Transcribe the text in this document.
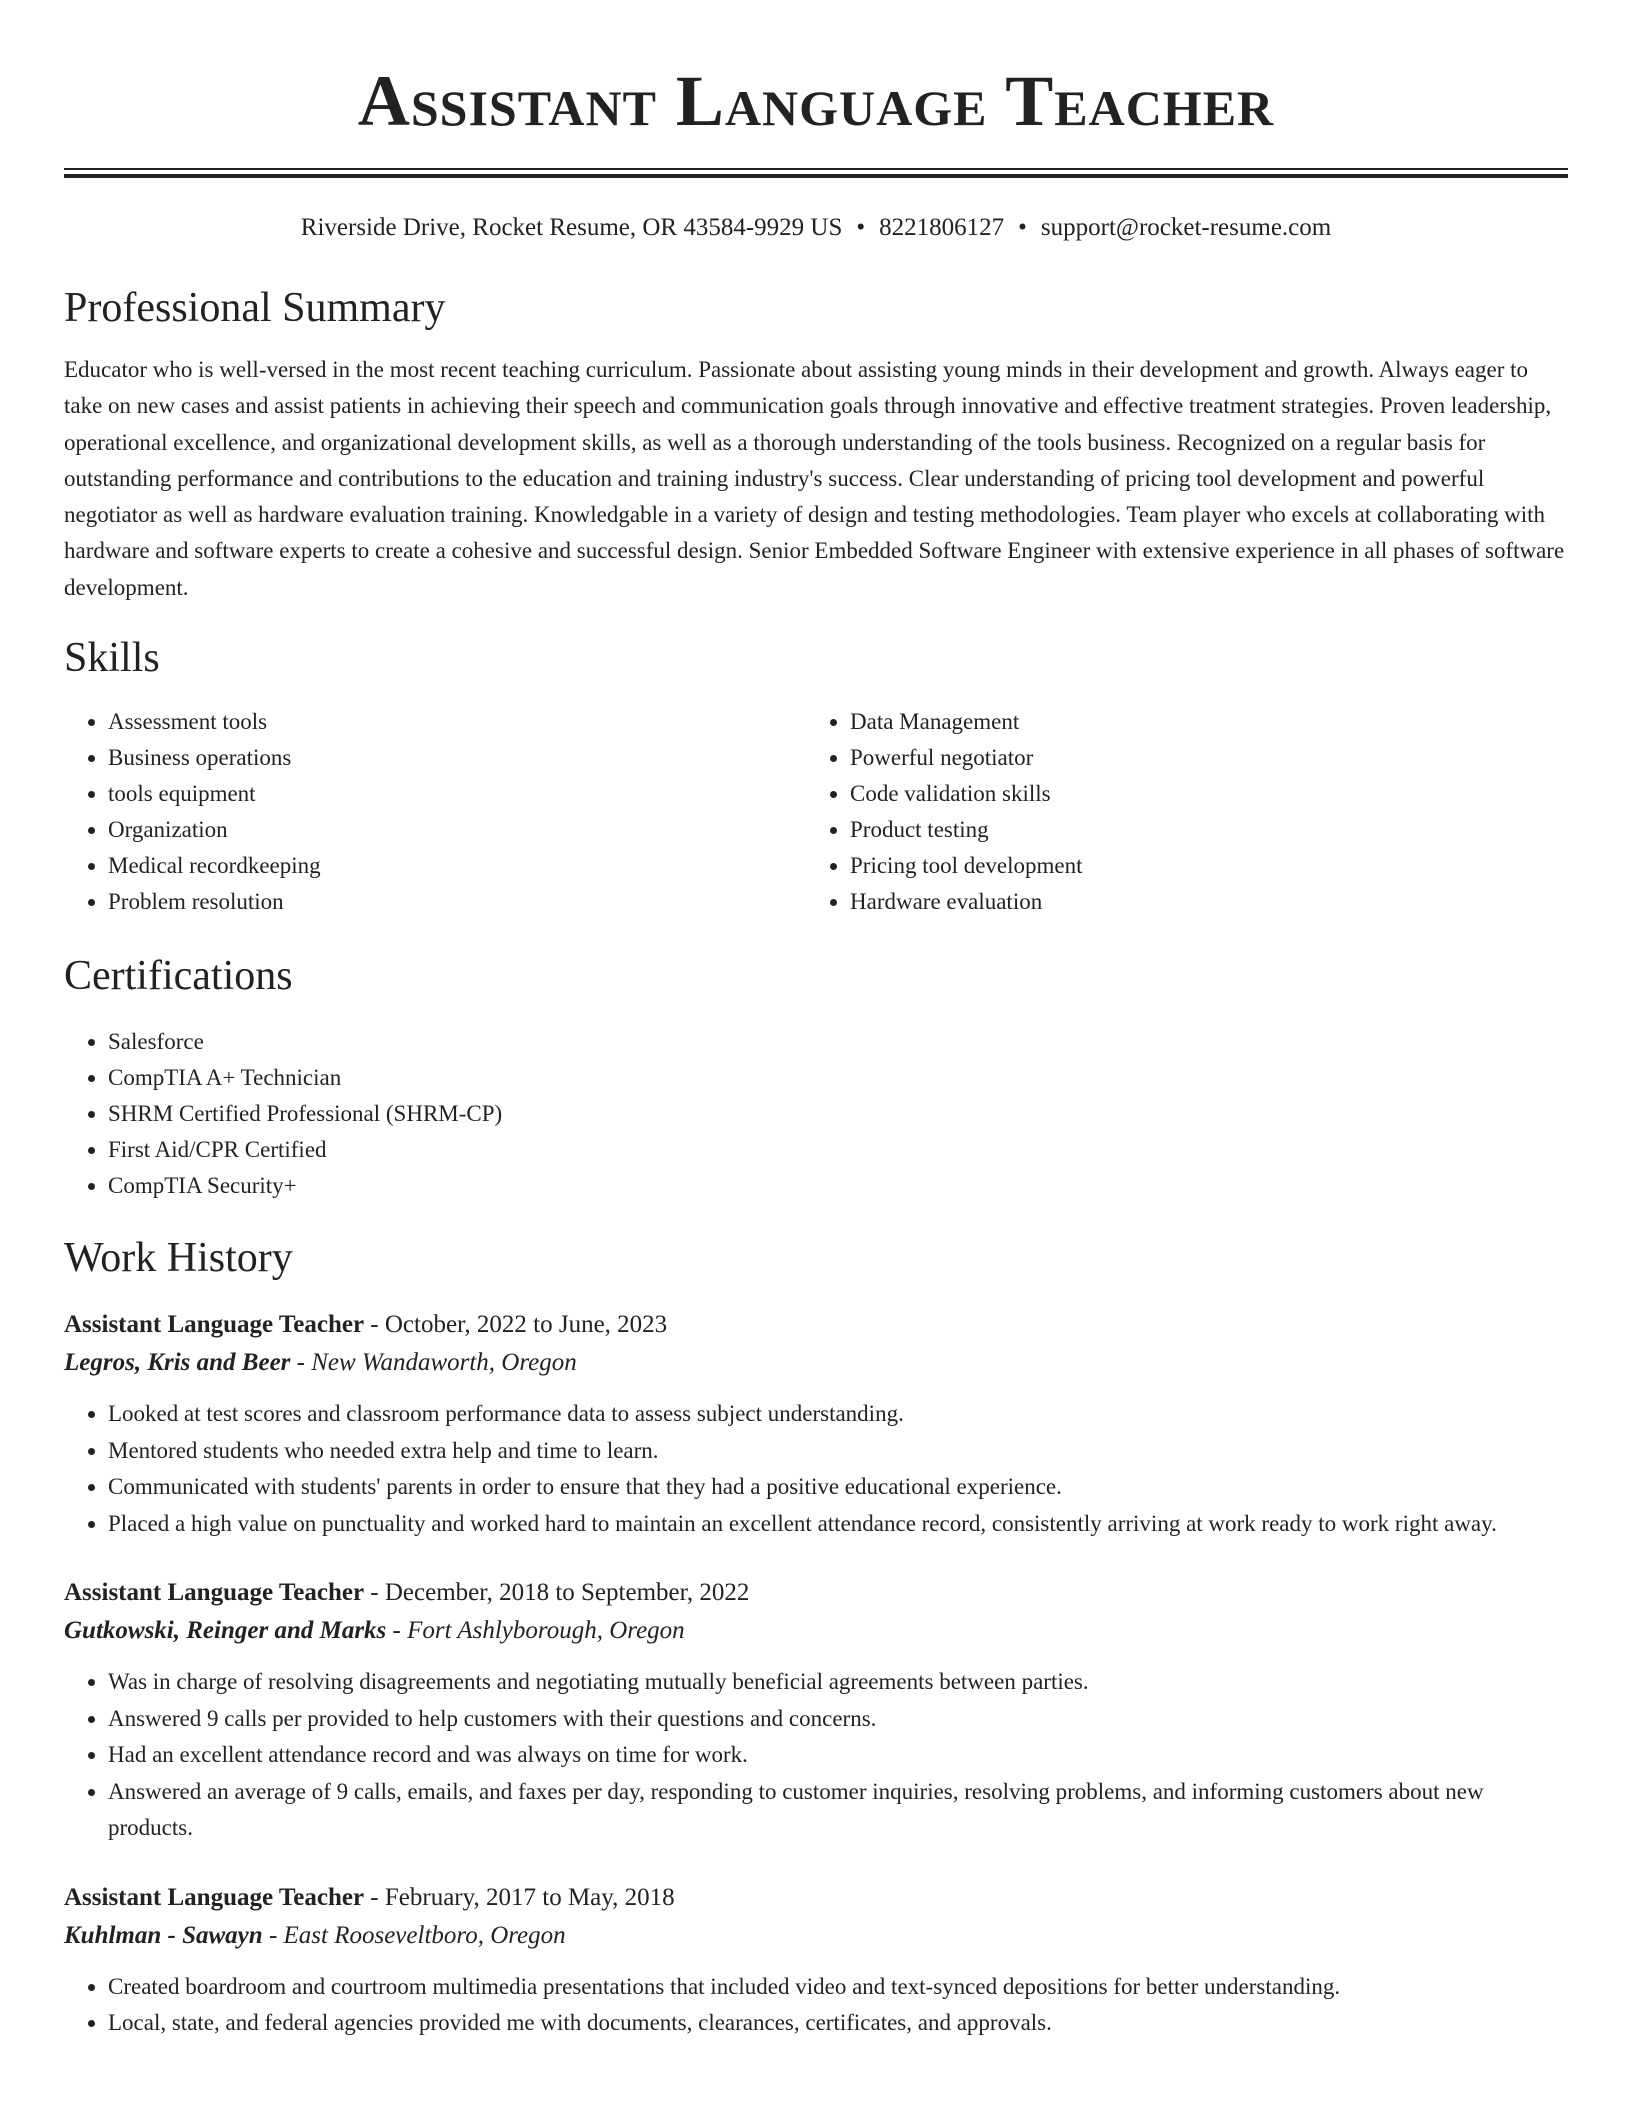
Assistant Language Teacher
Riverside Drive, Rocket Resume, OR 43584-9929 US • 8221806127 • support@rocket-resume.com
Professional Summary

Educator who is well-versed in the most recent teaching curriculum. Passionate about assisting young minds in their development and growth. Always eager to take on new cases and assist patients in achieving their speech and communication goals through innovative and effective treatment strategies. Proven leadership, operational excellence, and organizational development skills, as well as a thorough understanding of the tools business. Recognized on a regular basis for outstanding performance and contributions to the education and training industry's success. Clear understanding of pricing tool development and powerful negotiator as well as hardware evaluation training. Knowledgable in a variety of design and testing methodologies. Team player who excels at collaborating with hardware and software experts to create a cohesive and successful design. Senior Embedded Software Engineer with extensive experience in all phases of software development.

Skills
• Assessment tools
• Business operations
• tools equipment
• Organization
• Medical recordkeeping
• Problem resolution
• Data Management
• Powerful negotiator
• Code validation skills
• Product testing
• Pricing tool development
• Hardware evaluation
Certifications
• Salesforce
• CompTIA A+ Technician
• SHRM Certified Professional (SHRM-CP)
• First Aid/CPR Certified
• CompTIA Security+
Work History
Assistant Language Teacher - October, 2022 to June, 2023
Legros, Kris and Beer - New Wandaworth, Oregon
• Looked at test scores and classroom performance data to assess subject understanding.
• Mentored students who needed extra help and time to learn.
• Communicated with students' parents in order to ensure that they had a positive educational experience.
• Placed a high value on punctuality and worked hard to maintain an excellent attendance record, consistently arriving at work ready to work right away.
Assistant Language Teacher - December, 2018 to September, 2022
Gutkowski, Reinger and Marks - Fort Ashlyborough, Oregon
• Was in charge of resolving disagreements and negotiating mutually beneficial agreements between parties.
• Answered 9 calls per provided to help customers with their questions and concerns.
• Had an excellent attendance record and was always on time for work.
• Answered an average of 9 calls, emails, and faxes per day, responding to customer inquiries, resolving problems, and informing customers about new products.
Assistant Language Teacher - February, 2017 to May, 2018
Kuhlman - Sawayn - East Rooseveltboro, Oregon
• Created boardroom and courtroom multimedia presentations that included video and text-synced depositions for better understanding.
• Local, state, and federal agencies provided me with documents, clearances, certificates, and approvals.
